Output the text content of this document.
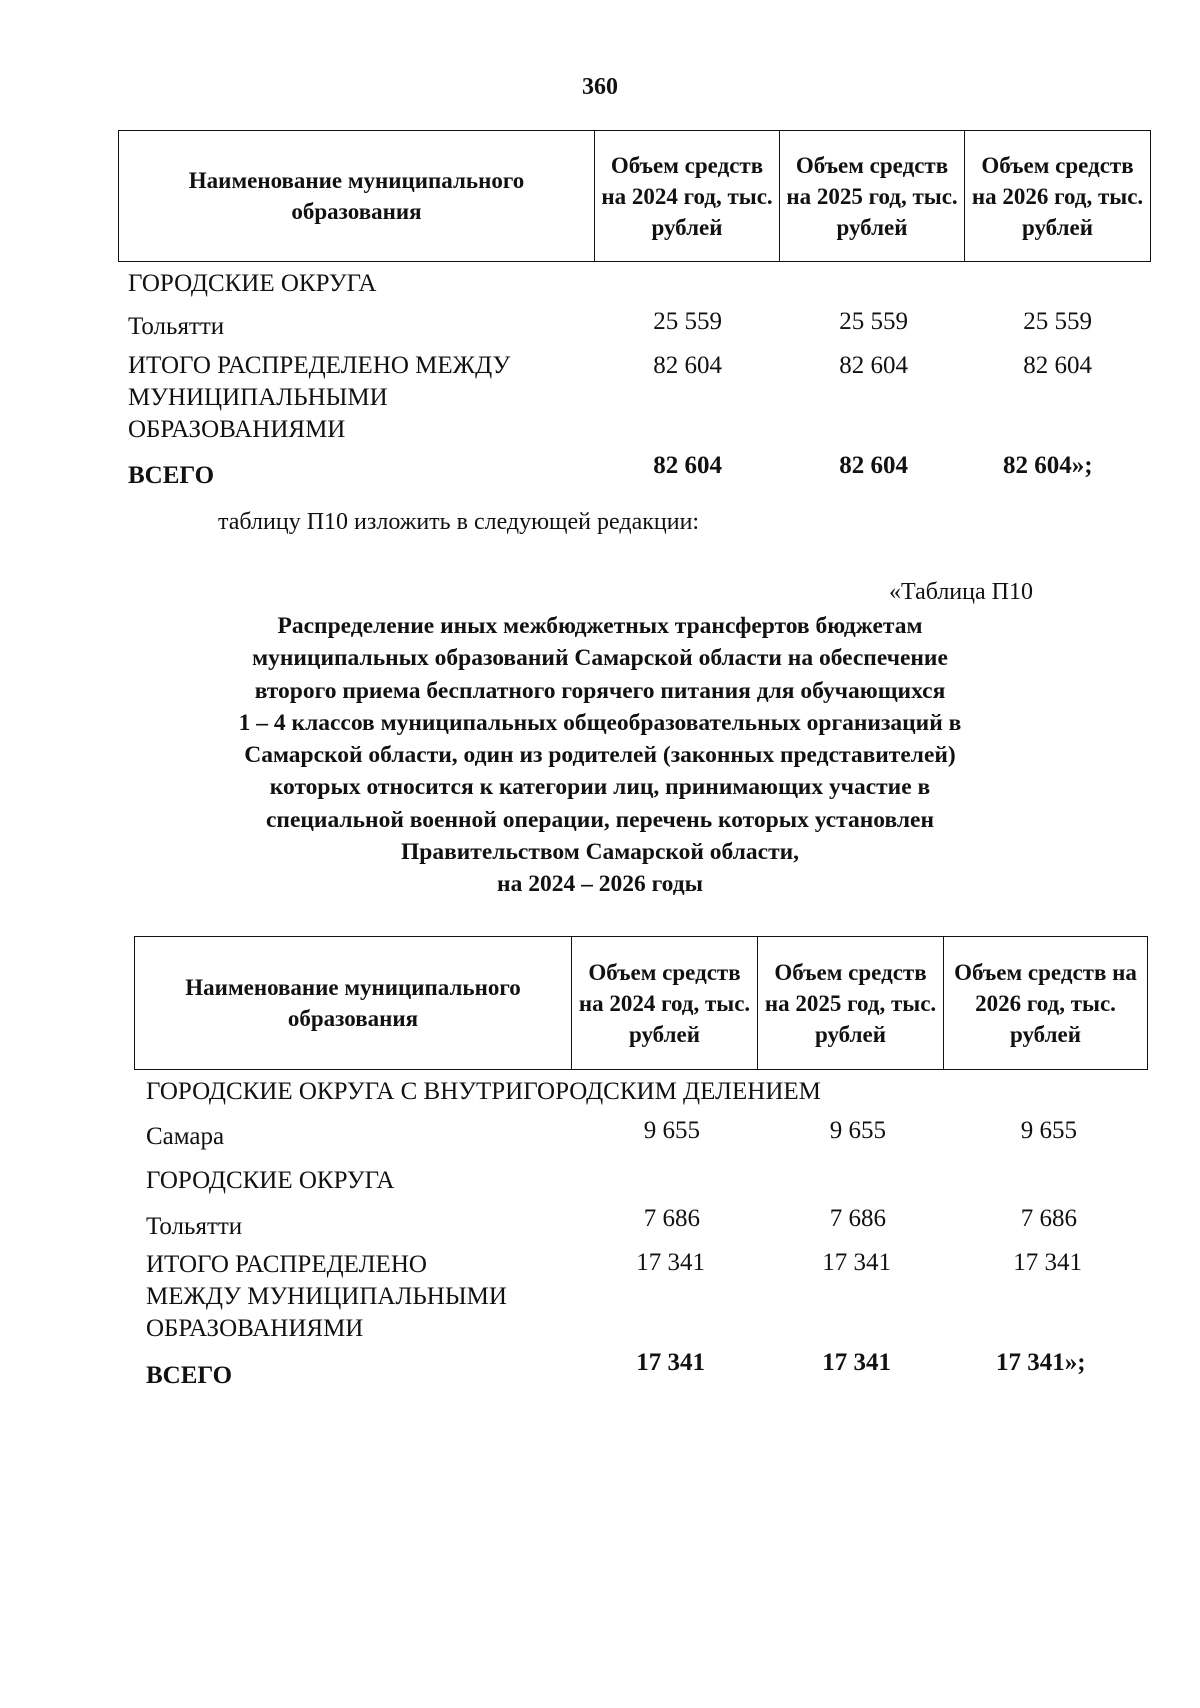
360
Наименование муниципального образования	Объем средств на 2024 год, тыс. рублей	Объем средств на 2025 год, тыс. рублей	Объем средств на 2026 год, тыс. рублей
ГОРОДСКИЕ ОКРУГА
Тольятти	25 559	25 559	25 559
ИТОГО РАСПРЕДЕЛЕНО МЕЖДУ
МУНИЦИПАЛЬНЫМИ
ОБРАЗОВАНИЯМИ
82 604	82 604	82 604
ВСЕГО	82 604	82 604	82 604»;
таблицу П10 изложить в следующей редакции:
«Таблица П10
Распределение иных межбюджетных трансфертов бюджетам
муниципальных образований Самарской области на обеспечение
второго приема бесплатного горячего питания для обучающихся
1 – 4 классов муниципальных общеобразовательных организаций в
Самарской области, один из родителей (законных представителей)
которых относится к категории лиц, принимающих участие в
специальной военной операции, перечень которых установлен
Правительством Самарской области,
на 2024 – 2026 годы
Наименование муниципального образования	Объем средств на 2024 год, тыс. рублей	Объем средств на 2025 год, тыс. рублей	Объем средств на 2026 год, тыс. рублей
ГОРОДСКИЕ ОКРУГА С ВНУТРИГОРОДСКИМ ДЕЛЕНИЕМ
Самара	9 655	9 655	9 655
ГОРОДСКИЕ ОКРУГА
Тольятти	7 686	7 686	7 686
ИТОГО РАСПРЕДЕЛЕНО
МЕЖДУ МУНИЦИПАЛЬНЫМИ
ОБРАЗОВАНИЯМИ
17 341	17 341	17 341
ВСЕГО	17 341	17 341	17 341»;
